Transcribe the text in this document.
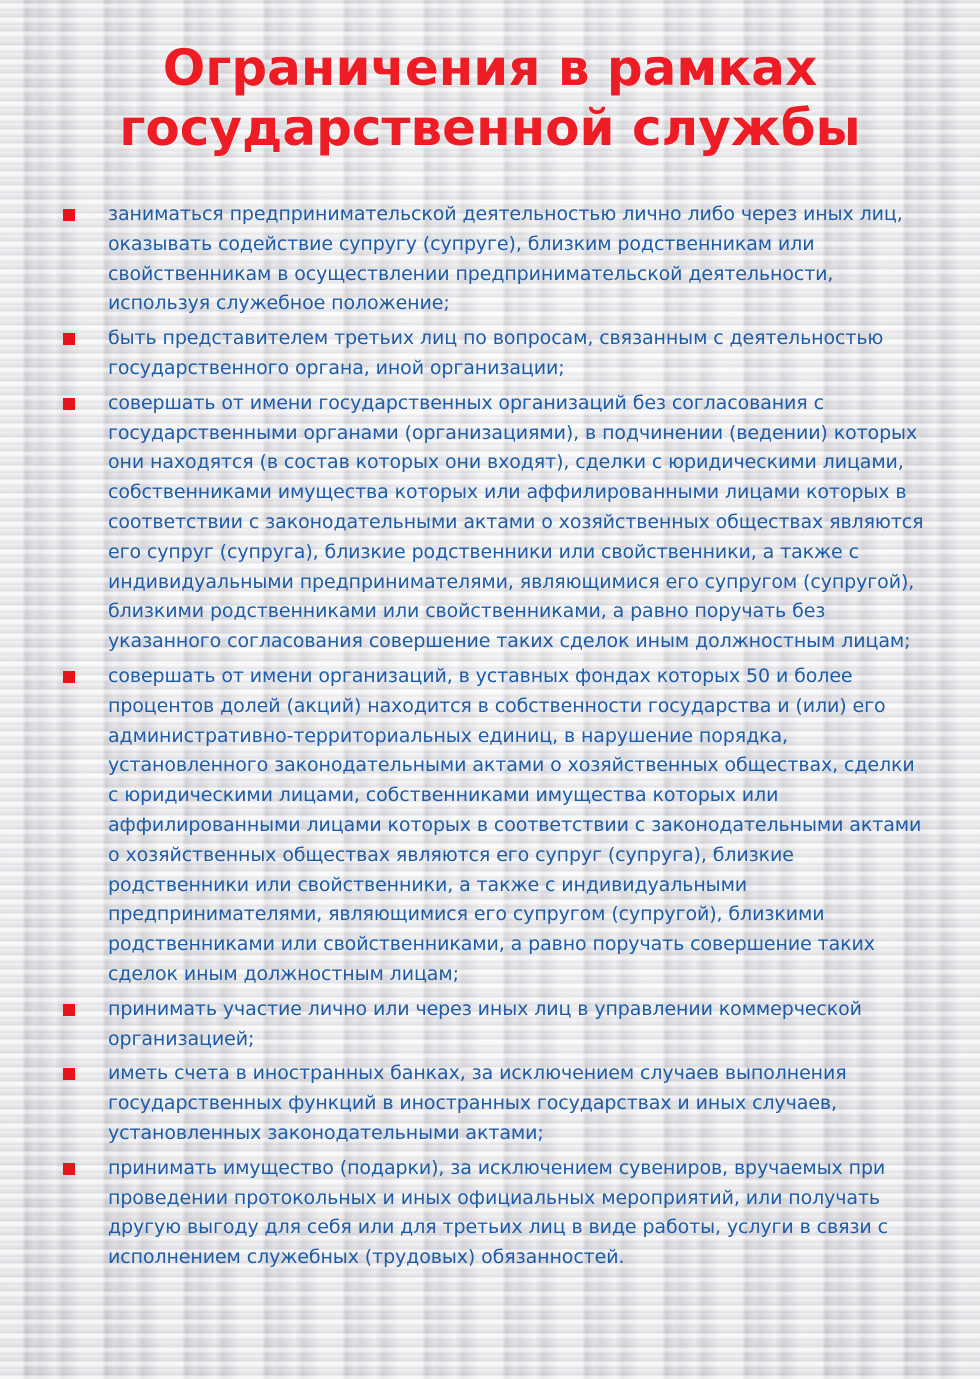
Ограничения в рамках государственной службы
заниматься предпринимательской деятельностью лично либо через иных лиц, оказывать содействие супругу (супруге), близким родственникам или свойственникам в осуществлении предпринимательской деятельности, используя служебное положение;
быть представителем третьих лиц по вопросам, связанным с деятельностью государственного органа, иной организации;
совершать от имени государственных организаций без согласования с государственными органами (организациями), в подчинении (ведении) которых они находятся (в состав которых они входят), сделки с юридическими лицами, собственниками имущества которых или аффилированными лицами которых в соответствии с законодательными актами о хозяйственных обществах являются его супруг (супруга), близкие родственники или свойственники, а также с индивидуальными предпринимателями, являющимися его супругом (супругой), близкими родственниками или свойственниками, а равно поручать без указанного согласования совершение таких сделок иным должностным лицам;
совершать от имени организаций, в уставных фондах которых 50 и более процентов долей (акций) находится в собственности государства и (или) его административно-территориальных единиц, в нарушение порядка, установленного законодательными актами о хозяйственных обществах, сделки с юридическими лицами, собственниками имущества которых или аффилированными лицами которых в соответствии с законодательными актами о хозяйственных обществах являются его супруг (супруга), близкие родственники или свойственники, а также с индивидуальными предпринимателями, являющимися его супругом (супругой), близкими родственниками или свойственниками, а равно поручать совершение таких сделок иным должностным лицам;
принимать участие лично или через иных лиц в управлении коммерческой организацией;
иметь счета в иностранных банках, за исключением случаев выполнения государственных функций в иностранных государствах и иных случаев, установленных законодательными актами;
принимать имущество (подарки), за исключением сувениров, вручаемых при проведении протокольных и иных официальных мероприятий, или получать другую выгоду для себя или для третьих лиц в виде работы, услуги в связи с исполнением служебных (трудовых) обязанностей.
